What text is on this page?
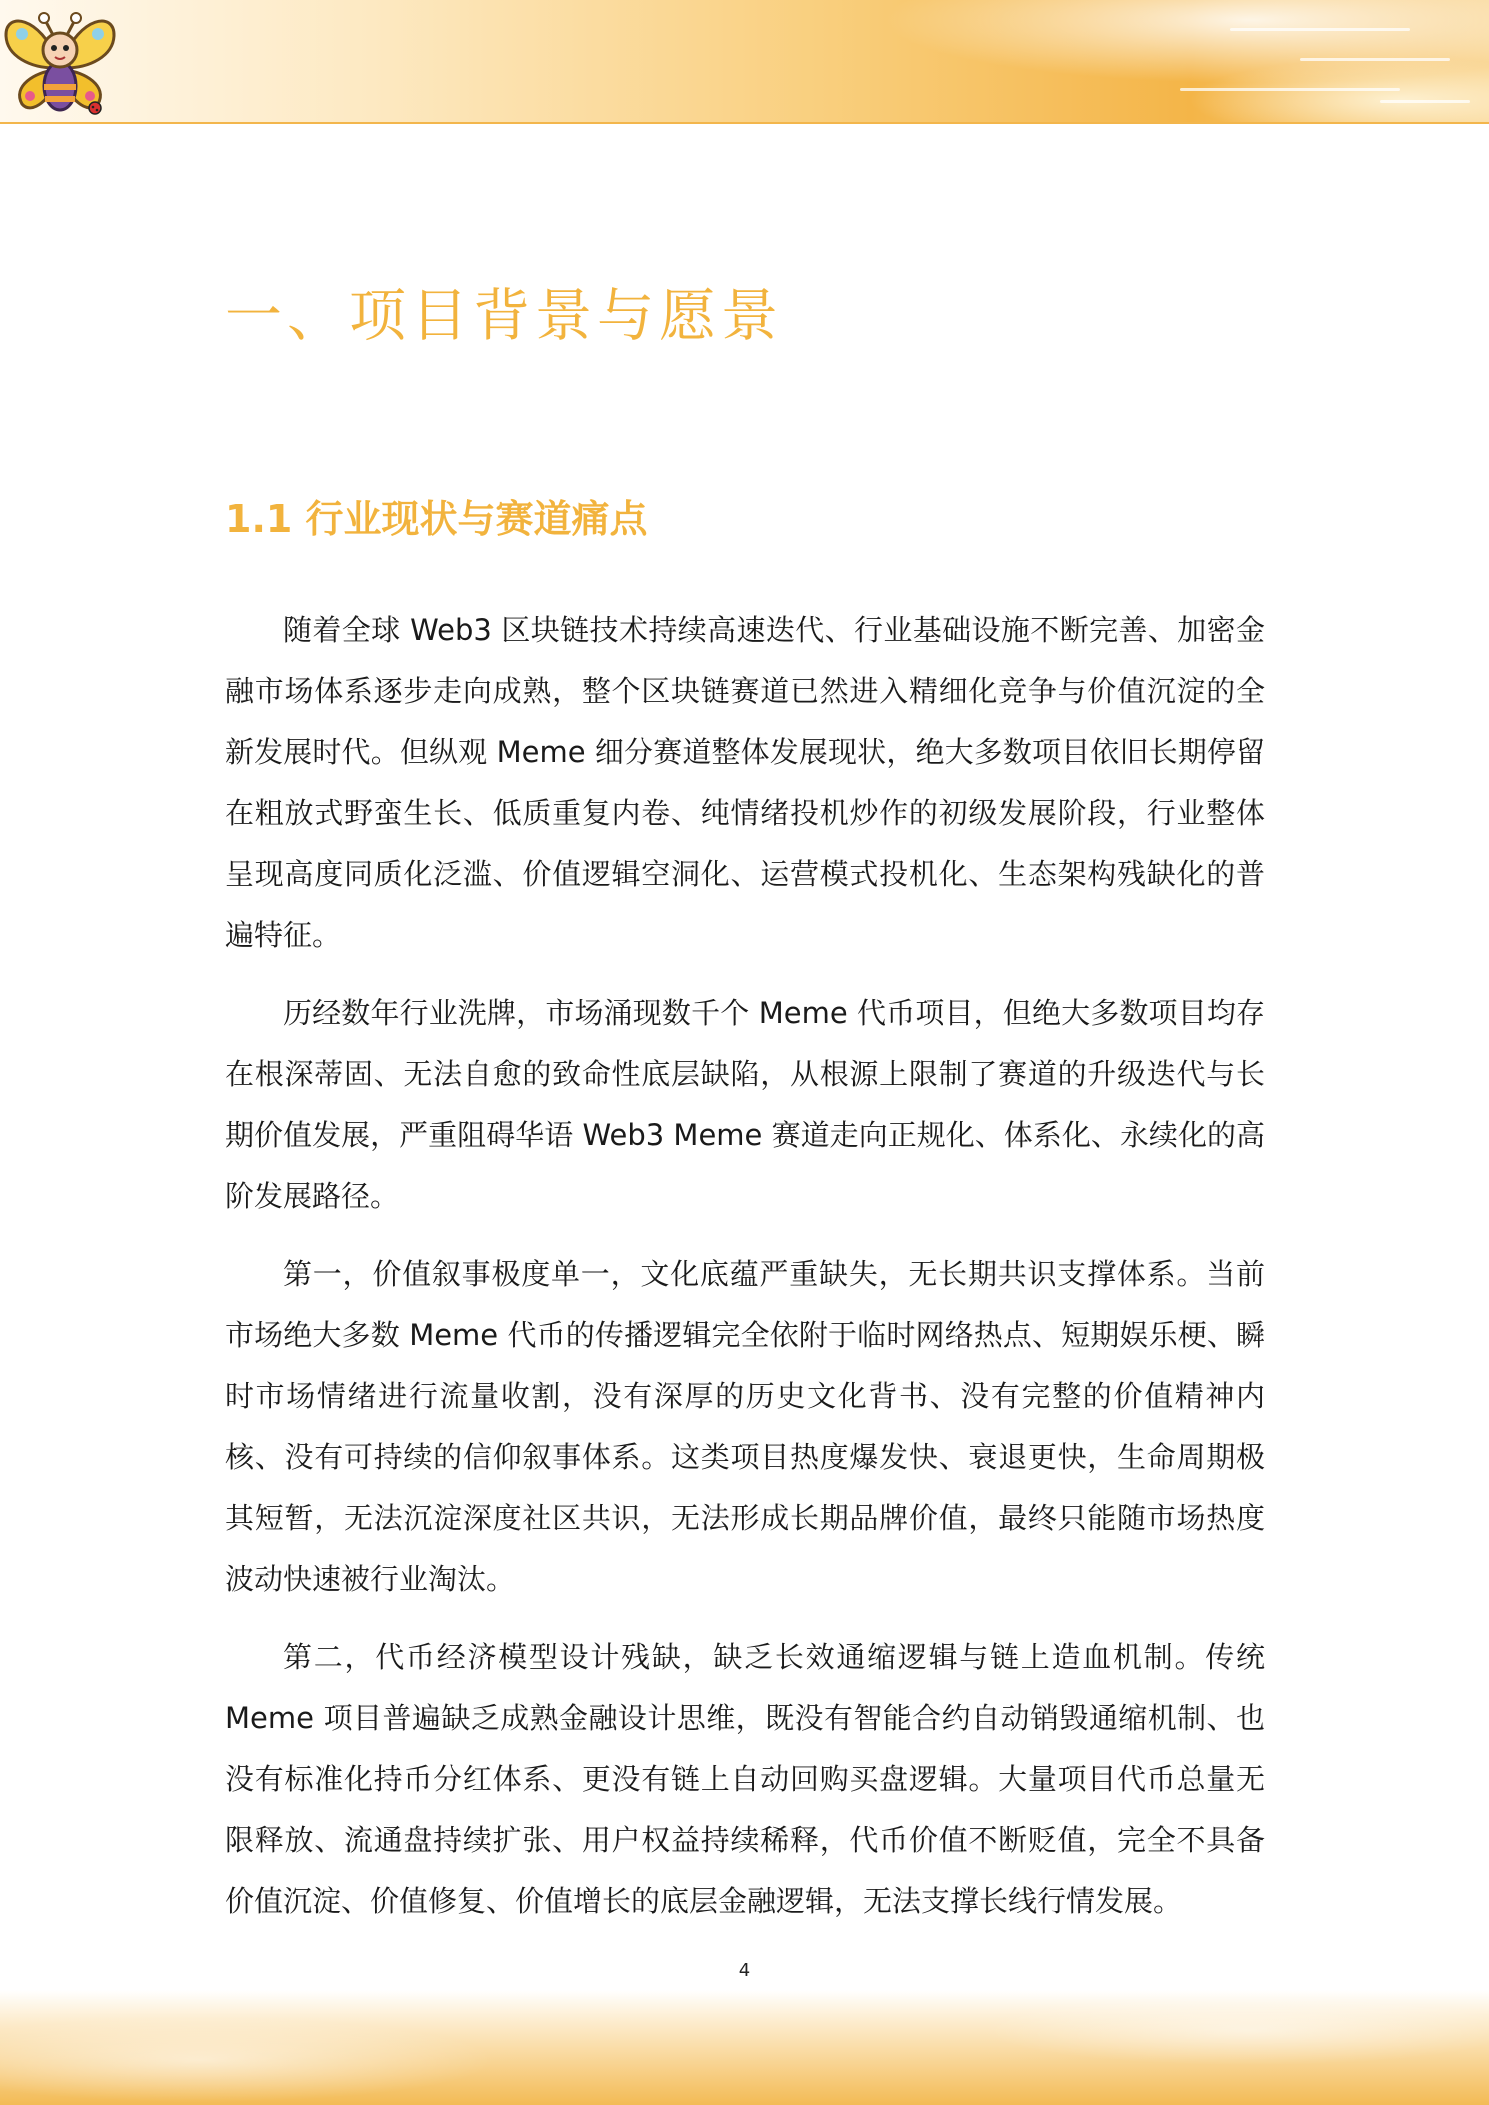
一、项目背景与愿景
1.1 行业现状与赛道痛点

随着全球 Web3 区块链技术持续高速迭代、行业基础设施不断完善、加密金融市场体系逐步走向成熟，整个区块链赛道已然进入精细化竞争与价值沉淀的全新发展时代。但纵观 Meme 细分赛道整体发展现状，绝大多数项目依旧长期停留在粗放式野蛮生长、低质重复内卷、纯情绪投机炒作的初级发展阶段，行业整体呈现高度同质化泛滥、价值逻辑空洞化、运营模式投机化、生态架构残缺化的普遍特征。

历经数年行业洗牌，市场涌现数千个 Meme 代币项目，但绝大多数项目均存在根深蒂固、无法自愈的致命性底层缺陷，从根源上限制了赛道的升级迭代与长期价值发展，严重阻碍华语 Web3 Meme 赛道走向正规化、体系化、永续化的高阶发展路径。

第一，价值叙事极度单一，文化底蕴严重缺失，无长期共识支撑体系。当前市场绝大多数 Meme 代币的传播逻辑完全依附于临时网络热点、短期娱乐梗、瞬时市场情绪进行流量收割，没有深厚的历史文化背书、没有完整的价值精神内核、没有可持续的信仰叙事体系。这类项目热度爆发快、衰退更快，生命周期极其短暂，无法沉淀深度社区共识，无法形成长期品牌价值，最终只能随市场热度波动快速被行业淘汰。

第二，代币经济模型设计残缺，缺乏长效通缩逻辑与链上造血机制。传统 Meme 项目普遍缺乏成熟金融设计思维，既没有智能合约自动销毁通缩机制、也没有标准化持币分红体系、更没有链上自动回购买盘逻辑。大量项目代币总量无限释放、流通盘持续扩张、用户权益持续稀释，代币价值不断贬值，完全不具备价值沉淀、价值修复、价值增长的底层金融逻辑，无法支撑长线行情发展。

4
